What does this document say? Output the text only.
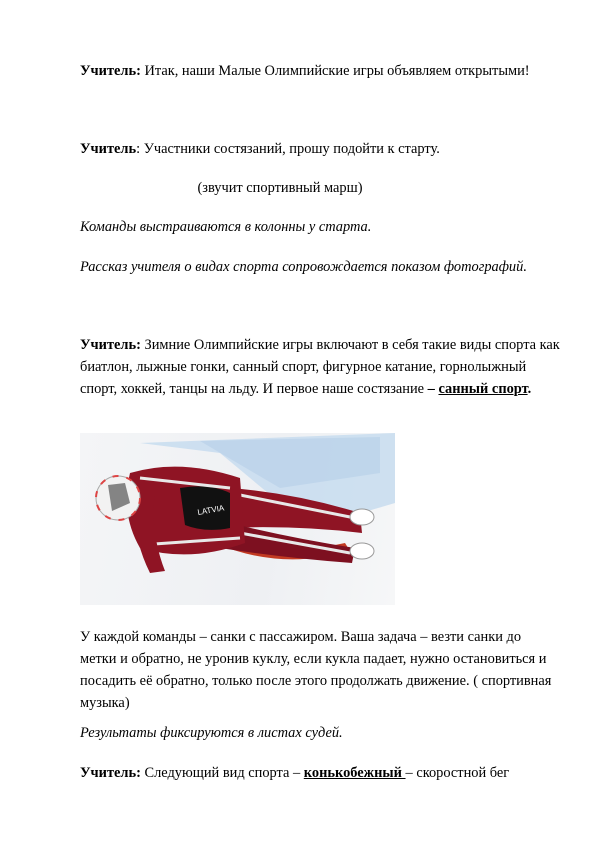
Учитель: Итак, наши Малые Олимпийские игры объявляем открытыми!

Учитель: Участники состязаний, прошу подойти к старту.

(звучит спортивный марш)

Команды выстраиваются в колонны у старта.

Рассказ учителя о видах спорта сопровождается показом фотографий.

Учитель: Зимние Олимпийские игры включают в себя такие виды спорта как биатлон, лыжные гонки, санный спорт, фигурное катание, горнолыжный спорт, хоккей, танцы на льду. И первое наше состязание – санный спорт.

LATVIA

У каждой команды – санки с пассажиром. Ваша задача – везти санки до метки и обратно, не уронив куклу, если кукла падает, нужно остановиться и посадить её обратно, только после этого продолжать движение. ( спортивная музыка)

Результаты фиксируются в листах судей.

Учитель: Следующий вид спорта – конькобежный – скоростной бег
